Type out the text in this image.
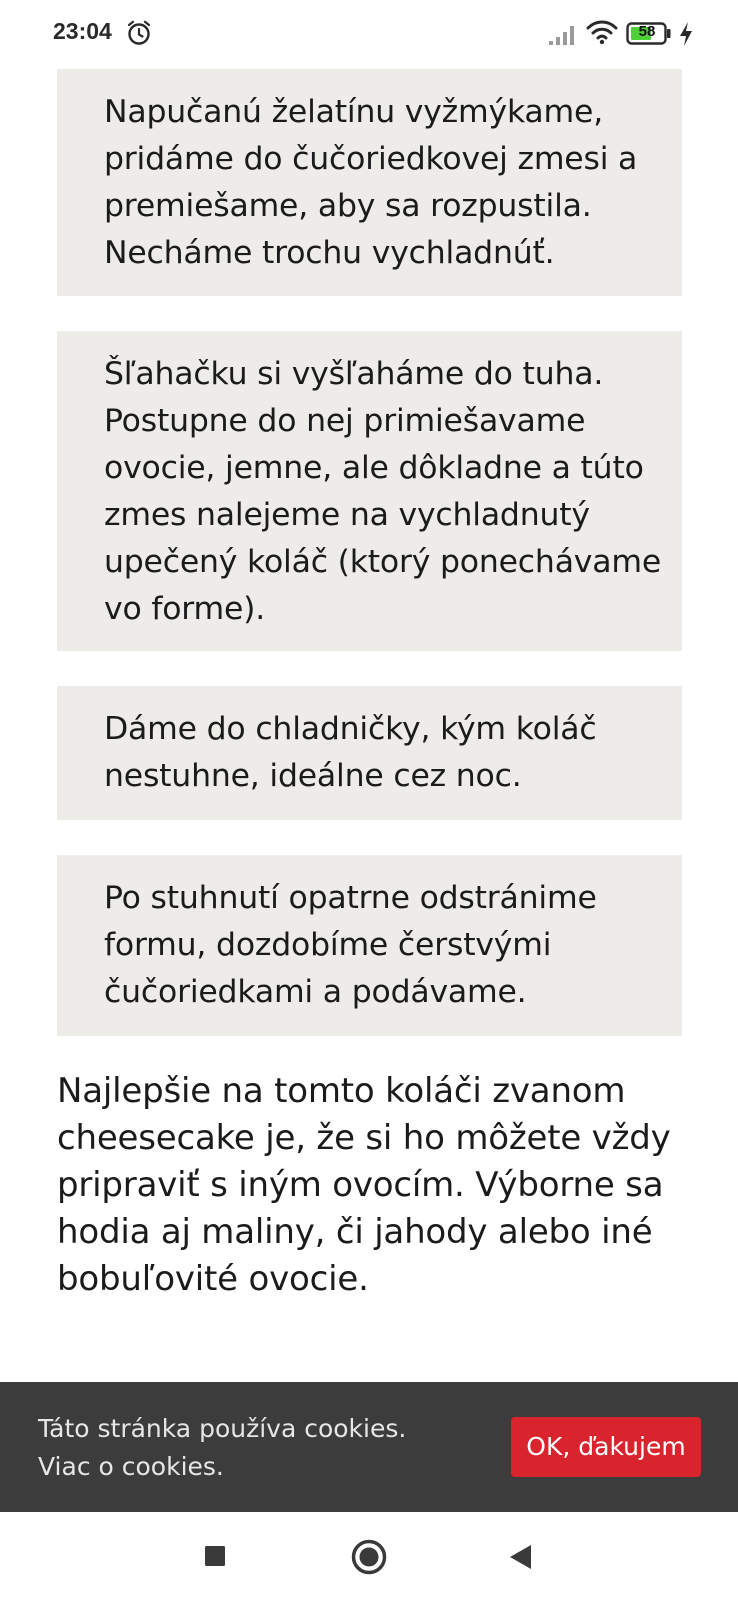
23:04	58

Napučanú želatínu vyžmýkame, pridáme do čučoriedkovej zmesi a premiešame, aby sa rozpustila. Necháme trochu vychladnúť.

Šľahačku si vyšľaháme do tuha. Postupne do nej primiešavame ovocie, jemne, ale dôkladne a túto zmes nalejeme na vychladnutý upečený koláč (ktorý ponechávame vo forme).

Dáme do chladničky, kým koláč nestuhne, ideálne cez noc.

Po stuhnutí opatrne odstránime formu, dozdobíme čerstvými čučoriedkami a podávame.

Najlepšie na tomto koláči zvanom cheesecake je, že si ho môžete vždy pripraviť s iným ovocím. Výborne sa hodia aj maliny, či jahody alebo iné bobuľovité ovocie.

Táto stránka používa cookies.
Viac o cookies.
OK, ďakujem
